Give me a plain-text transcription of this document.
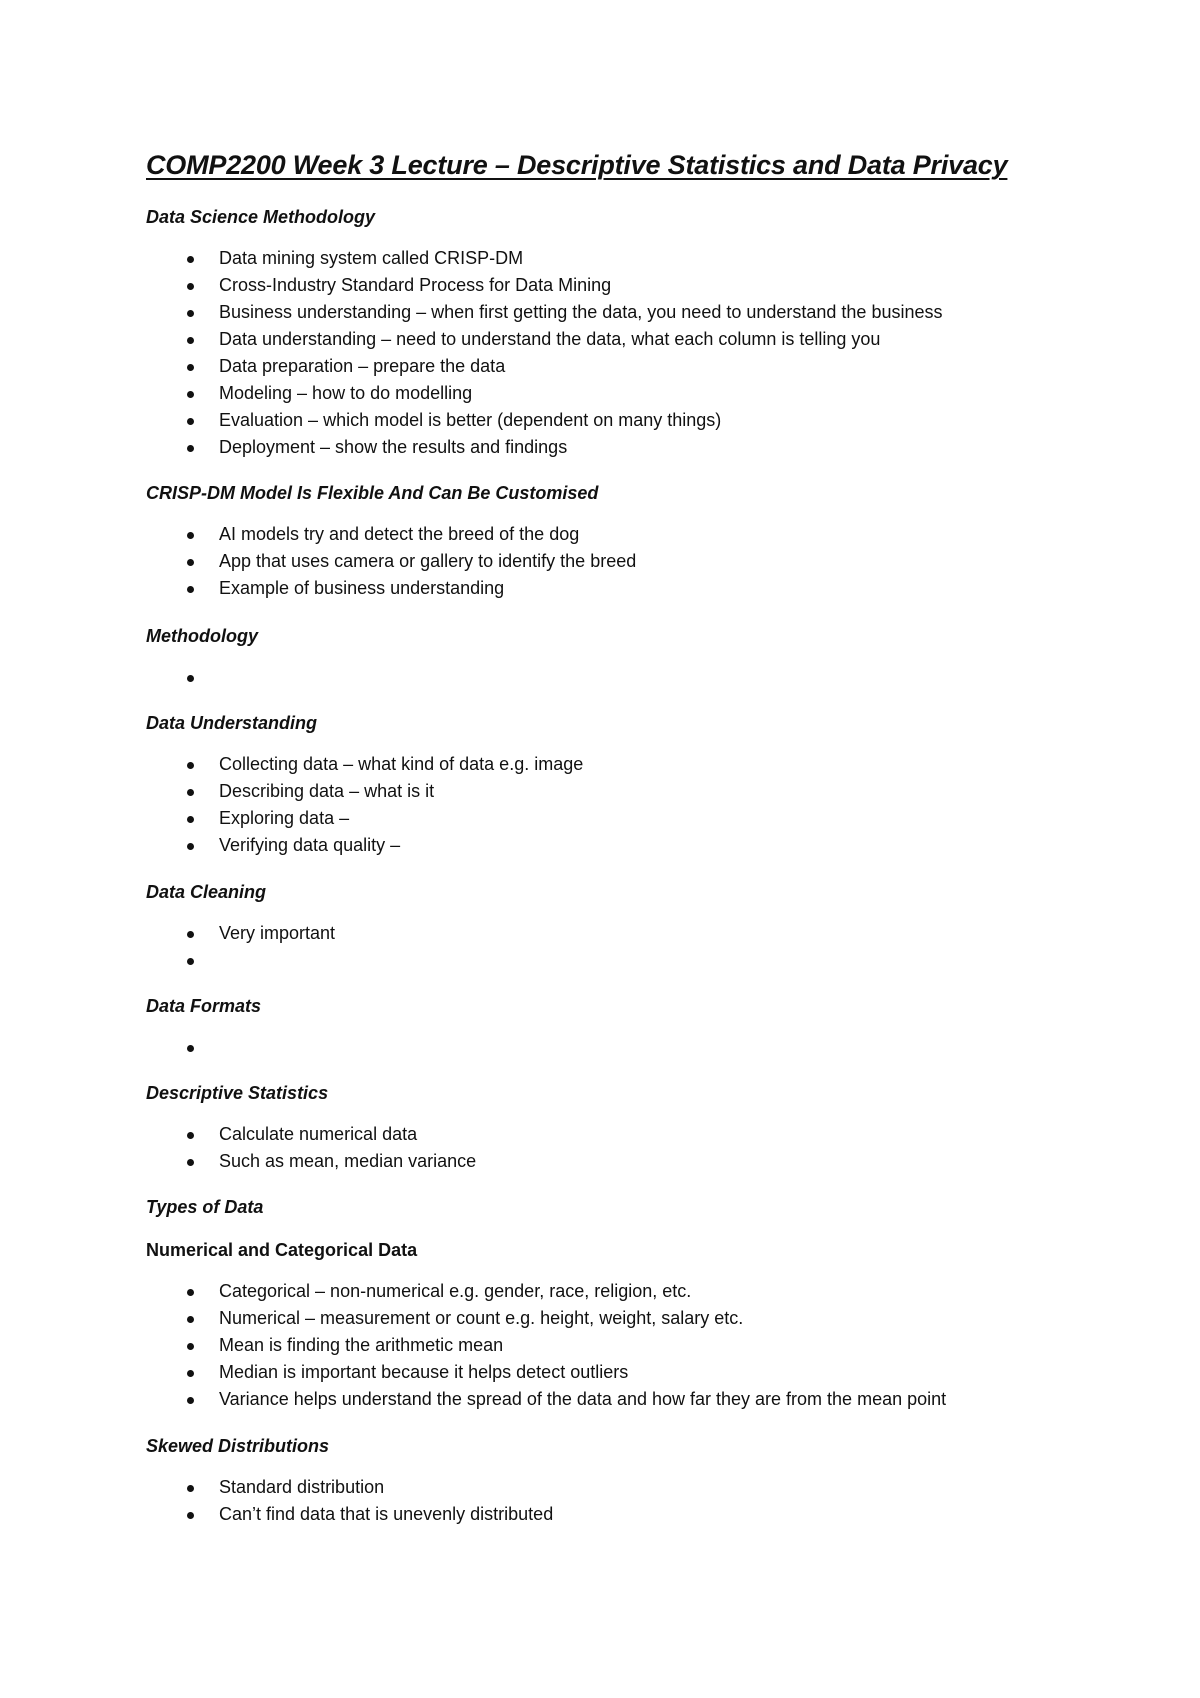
COMP2200 Week 3 Lecture – Descriptive Statistics and Data Privacy
Data Science Methodology
Data mining system called CRISP-DM
Cross-Industry Standard Process for Data Mining
Business understanding – when first getting the data, you need to understand the business
Data understanding – need to understand the data, what each column is telling you
Data preparation – prepare the data
Modeling – how to do modelling
Evaluation – which model is better (dependent on many things)
Deployment – show the results and findings
CRISP-DM Model Is Flexible And Can Be Customised
AI models try and detect the breed of the dog
App that uses camera or gallery to identify the breed
Example of business understanding
Methodology
Data Understanding
Collecting data – what kind of data e.g. image
Describing data – what is it
Exploring data –
Verifying data quality –
Data Cleaning
Very important
Data Formats
Descriptive Statistics
Calculate numerical data
Such as mean, median variance
Types of Data
Numerical and Categorical Data
Categorical – non-numerical e.g. gender, race, religion, etc.
Numerical – measurement or count e.g. height, weight, salary etc.
Mean is finding the arithmetic mean
Median is important because it helps detect outliers
Variance helps understand the spread of the data and how far they are from the mean point
Skewed Distributions
Standard distribution
Can’t find data that is unevenly distributed
